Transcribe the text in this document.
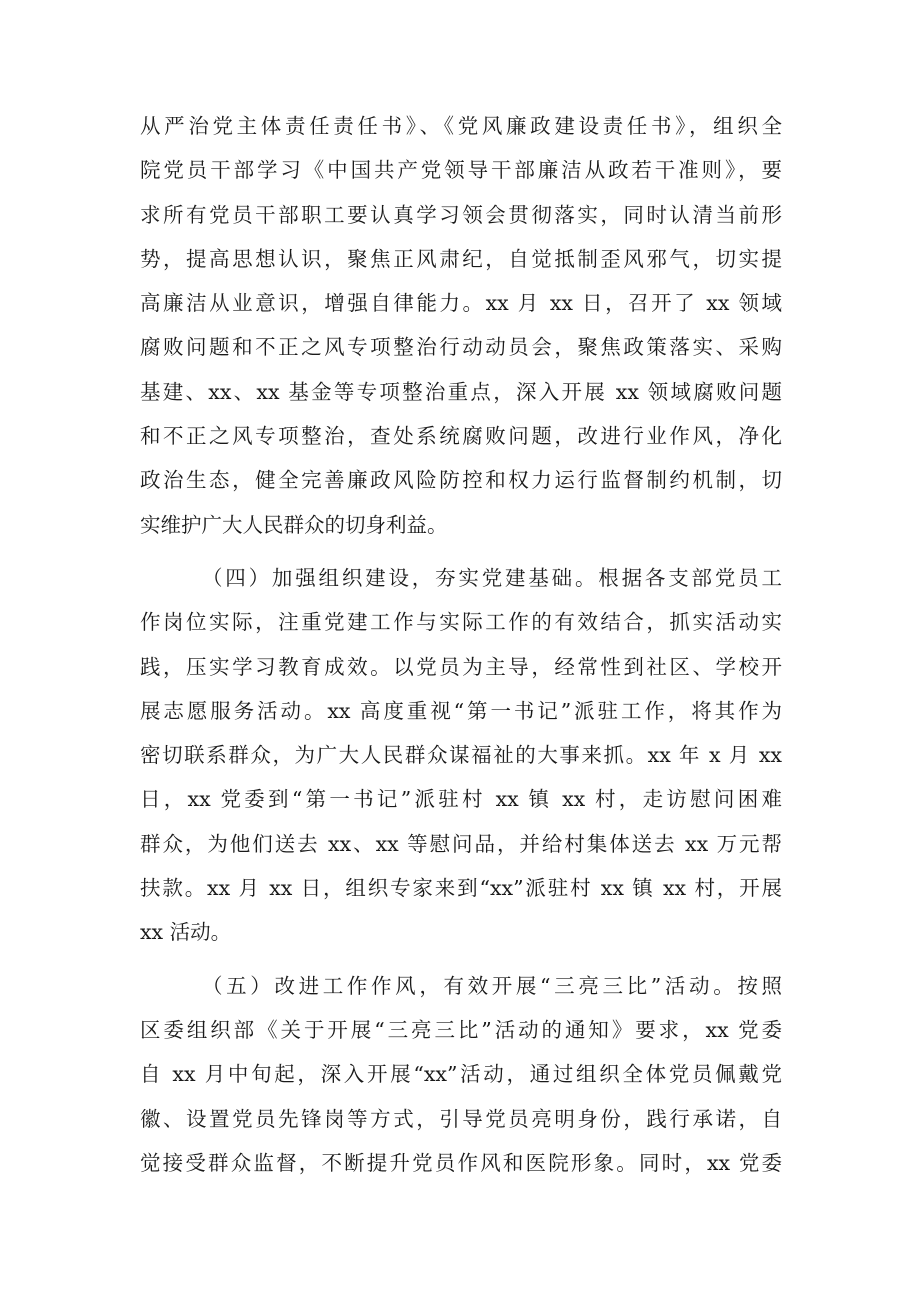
从严治党主体责任责任书》、《党风廉政建设责任书》，组织全
院党员干部学习《中国共产党领导干部廉洁从政若干准则》，要
求所有党员干部职工要认真学习领会贯彻落实，同时认清当前形
势，提高思想认识，聚焦正风肃纪，自觉抵制歪风邪气，切实提
高廉洁从业意识，增强自律能力。xx 月 xx 日，召开了 xx 领域
腐败问题和不正之风专项整治行动动员会，聚焦政策落实、采购
基建、xx、xx 基金等专项整治重点，深入开展 xx 领域腐败问题
和不正之风专项整治，查处系统腐败问题，改进行业作风，净化
政治生态，健全完善廉政风险防控和权力运行监督制约机制，切
实维护广大人民群众的切身利益。
（四）加强组织建设，夯实党建基础。根据各支部党员工
作岗位实际，注重党建工作与实际工作的有效结合，抓实活动实
践，压实学习教育成效。以党员为主导，经常性到社区、学校开
展志愿服务活动。xx 高度重视“第一书记”派驻工作，将其作为
密切联系群众，为广大人民群众谋福祉的大事来抓。xx 年 x 月 xx
日，xx 党委到“第一书记”派驻村 xx 镇 xx 村，走访慰问困难
群众，为他们送去 xx、xx 等慰问品，并给村集体送去 xx 万元帮
扶款。xx 月 xx 日，组织专家来到“xx”派驻村 xx 镇 xx 村，开展
xx 活动。
（五）改进工作作风，有效开展“三亮三比”活动。按照
区委组织部《关于开展“三亮三比”活动的通知》要求，xx 党委
自 xx 月中旬起，深入开展“xx”活动，通过组织全体党员佩戴党
徽、设置党员先锋岗等方式，引导党员亮明身份，践行承诺，自
觉接受群众监督，不断提升党员作风和医院形象。同时，xx 党委
